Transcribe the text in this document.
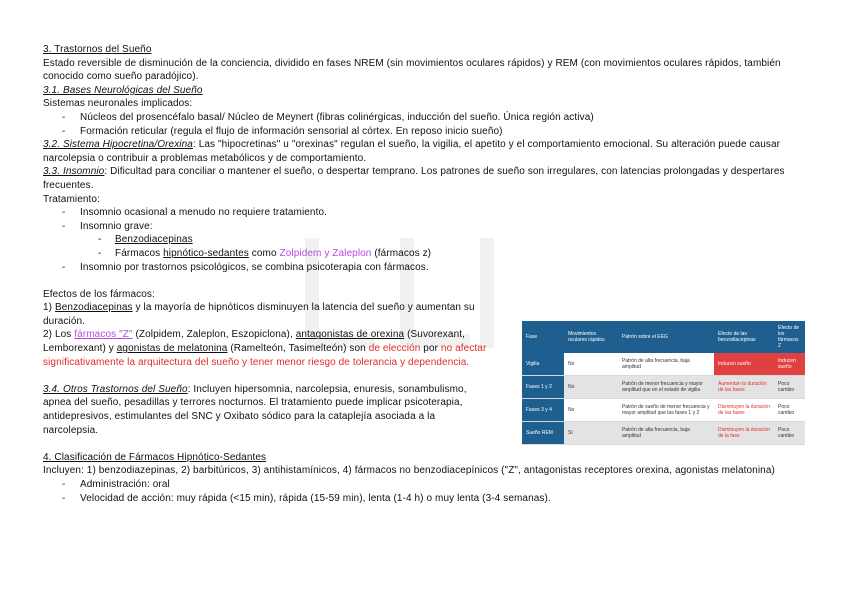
3. Trastornos del Sueño

Estado reversible de disminución de la conciencia, dividido en fases NREM (sin movimientos oculares rápidos) y REM (con movimientos oculares rápidos, también conocido como sueño paradójico).

3.1. Bases Neurológicas del Sueño

Sistemas neuronales implicados:

- Núcleos del prosencéfalo basal/ Núcleo de Meynert (fibras colinérgicas, inducción del sueño. Única región activa)

- Formación reticular (regula el flujo de información sensorial al córtex. En reposo inicio sueño)

3.2. Sistema Hipocretina/Orexina: Las "hipocretinas" u "orexinas" regulan el sueño, la vigilia, el apetito y el comportamiento emocional. Su alteración puede causar narcolepsia o contribuir a problemas metabólicos y de comportamiento.

3.3. Insomnio: Dificultad para conciliar o mantener el sueño, o despertar temprano. Los patrones de sueño son irregulares, con latencias prolongadas y despertares frecuentes.

Tratamiento:

- Insomnio ocasional a menudo no requiere tratamiento.

- Insomnio grave:

- Benzodiacepinas

- Fármacos hipnótico-sedantes como Zolpidem y Zaleplon (fármacos z)

- Insomnio por trastornos psicológicos, se combina psicoterapia con fármacos.

Efectos de los fármacos:

1) Benzodiacepinas y la mayoría de hipnóticos disminuyen la latencia del sueño y aumentan su duración.

2) Los fármacos "Z" (Zolpidem, Zaleplon, Eszopiclona), antagonistas de orexina (Suvorexant, Lemborexant) y agonistas de melatonina (Ramelteón, Tasimelteón) son de elección por no afectar significativamente la arquitectura del sueño y tener menor riesgo de tolerancia y dependencia.

3.4. Otros Trastornos del Sueño: Incluyen hipersomnia, narcolepsia, enuresis, sonambulismo, apnea del sueño, pesadillas y terrores nocturnos. El tratamiento puede implicar psicoterapia, antidepresivos, estimulantes del SNC y Oxibato sódico para la cataplejía asociada a la narcolepsia.

4. Clasificación de Fármacos Hipnótico-Sedantes

Incluyen: 1) benzodiazepinas, 2) barbitúricos, 3) antihistamínicos, 4) fármacos no benzodiacepínicos ("Z", antagonistas receptores orexina, agonistas melatonina)

- Administración: oral

- Velocidad de acción: muy rápida (<15 min), rápida (15-59 min), lenta (1-4 h) o muy lenta (3-4 semanas).

Fase	Movimientos oculares rápidos	Patrón sobre el EEG	Efecto de las benzodiacepinas	Efecto de los fármacos Z
Vigilia	No	Patrón de alta frecuencia, baja amplitud	Inducen sueño	Inducen sueño
Fases 1 y 2	No	Patrón de menor frecuencia y mayor amplitud que en el estado de vigilia	Aumentan la duración de las fases	Poco cambio
Fases 3 y 4	No	Patrón de sueño de menor frecuencia y mayor amplitud que las fases 1 y 2	Disminuyen la duración de las fases	Poco cambio
Sueño REM	Sí	Patrón de alta frecuencia, baja amplitud	Disminuyen la duración de la fase	Poco cambio
